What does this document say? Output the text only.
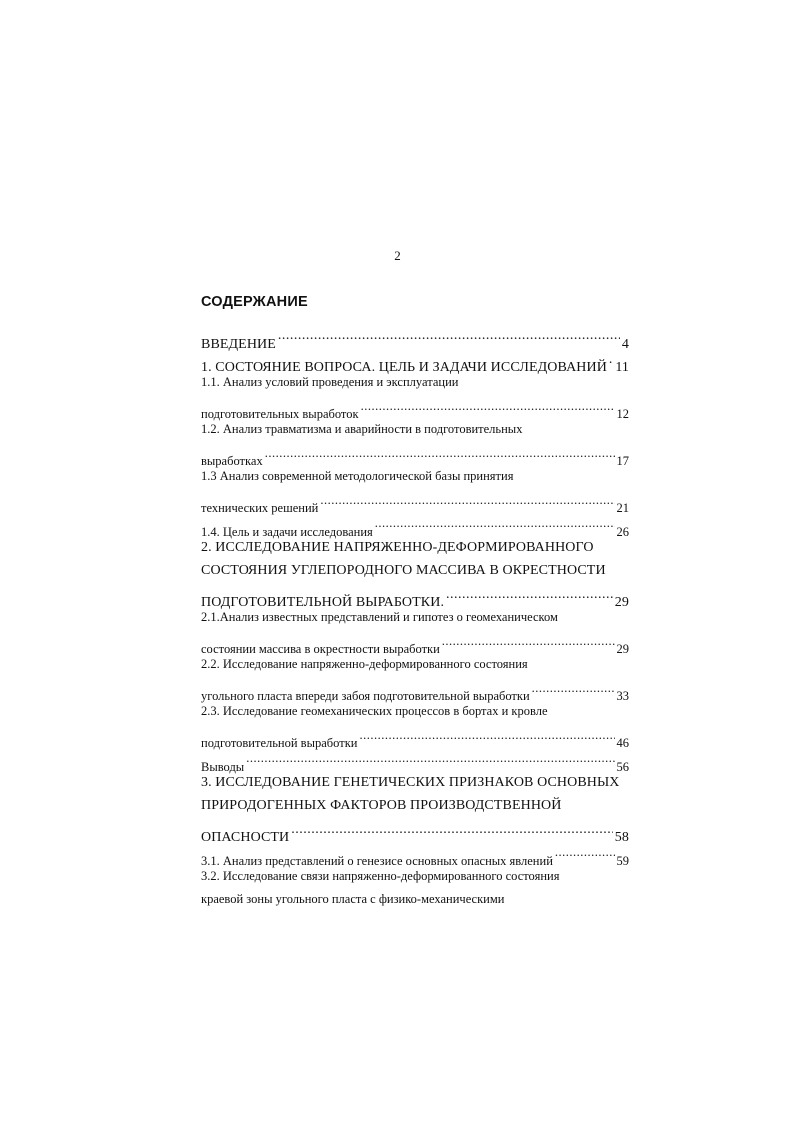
2
СОДЕРЖАНИЕ
ВВЕДЕНИЕ .....	4
1. СОСТОЯНИЕ ВОПРОСА. ЦЕЛЬ И ЗАДАЧИ ИССЛЕДОВАНИЙ ..... 11
1.1. Анализ условий проведения и эксплуатации
подготовительных выработок .....	12
1.2. Анализ травматизма и аварийности в подготовительных
выработках .....	17
1.3 Анализ современной методологической базы принятия
технических решений .....	21
1.4. Цель и задачи исследования .....	26
2. ИССЛЕДОВАНИЕ НАПРЯЖЕННО-ДЕФОРМИРОВАННОГО
СОСТОЯНИЯ УГЛЕПОРОДНОГО МАССИВА В ОКРЕСТНОСТИ
ПОДГОТОВИТЕЛЬНОЙ ВЫРАБОТКИ. .....	29
2.1.Анализ известных представлений и гипотез о геомеханическом
состоянии массива в окрестности выработки .....	29
2.2. Исследование напряженно-деформированного состояния
угольного пласта впереди забоя подготовительной выработки .....	33
2.3. Исследование геомеханических процессов в бортах и кровле
подготовительной выработки .....	46
Выводы .....	56
3. ИССЛЕДОВАНИЕ ГЕНЕТИЧЕСКИХ ПРИЗНАКОВ ОСНОВНЫХ
ПРИРОДОГЕННЫХ ФАКТОРОВ ПРОИЗВОДСТВЕННОЙ
ОПАСНОСТИ .....	58
3.1. Анализ представлений о генезисе основных опасных явлений .....	59
3.2. Исследование связи напряженно-деформированного состояния
краевой зоны угольного пласта с физико-механическими
